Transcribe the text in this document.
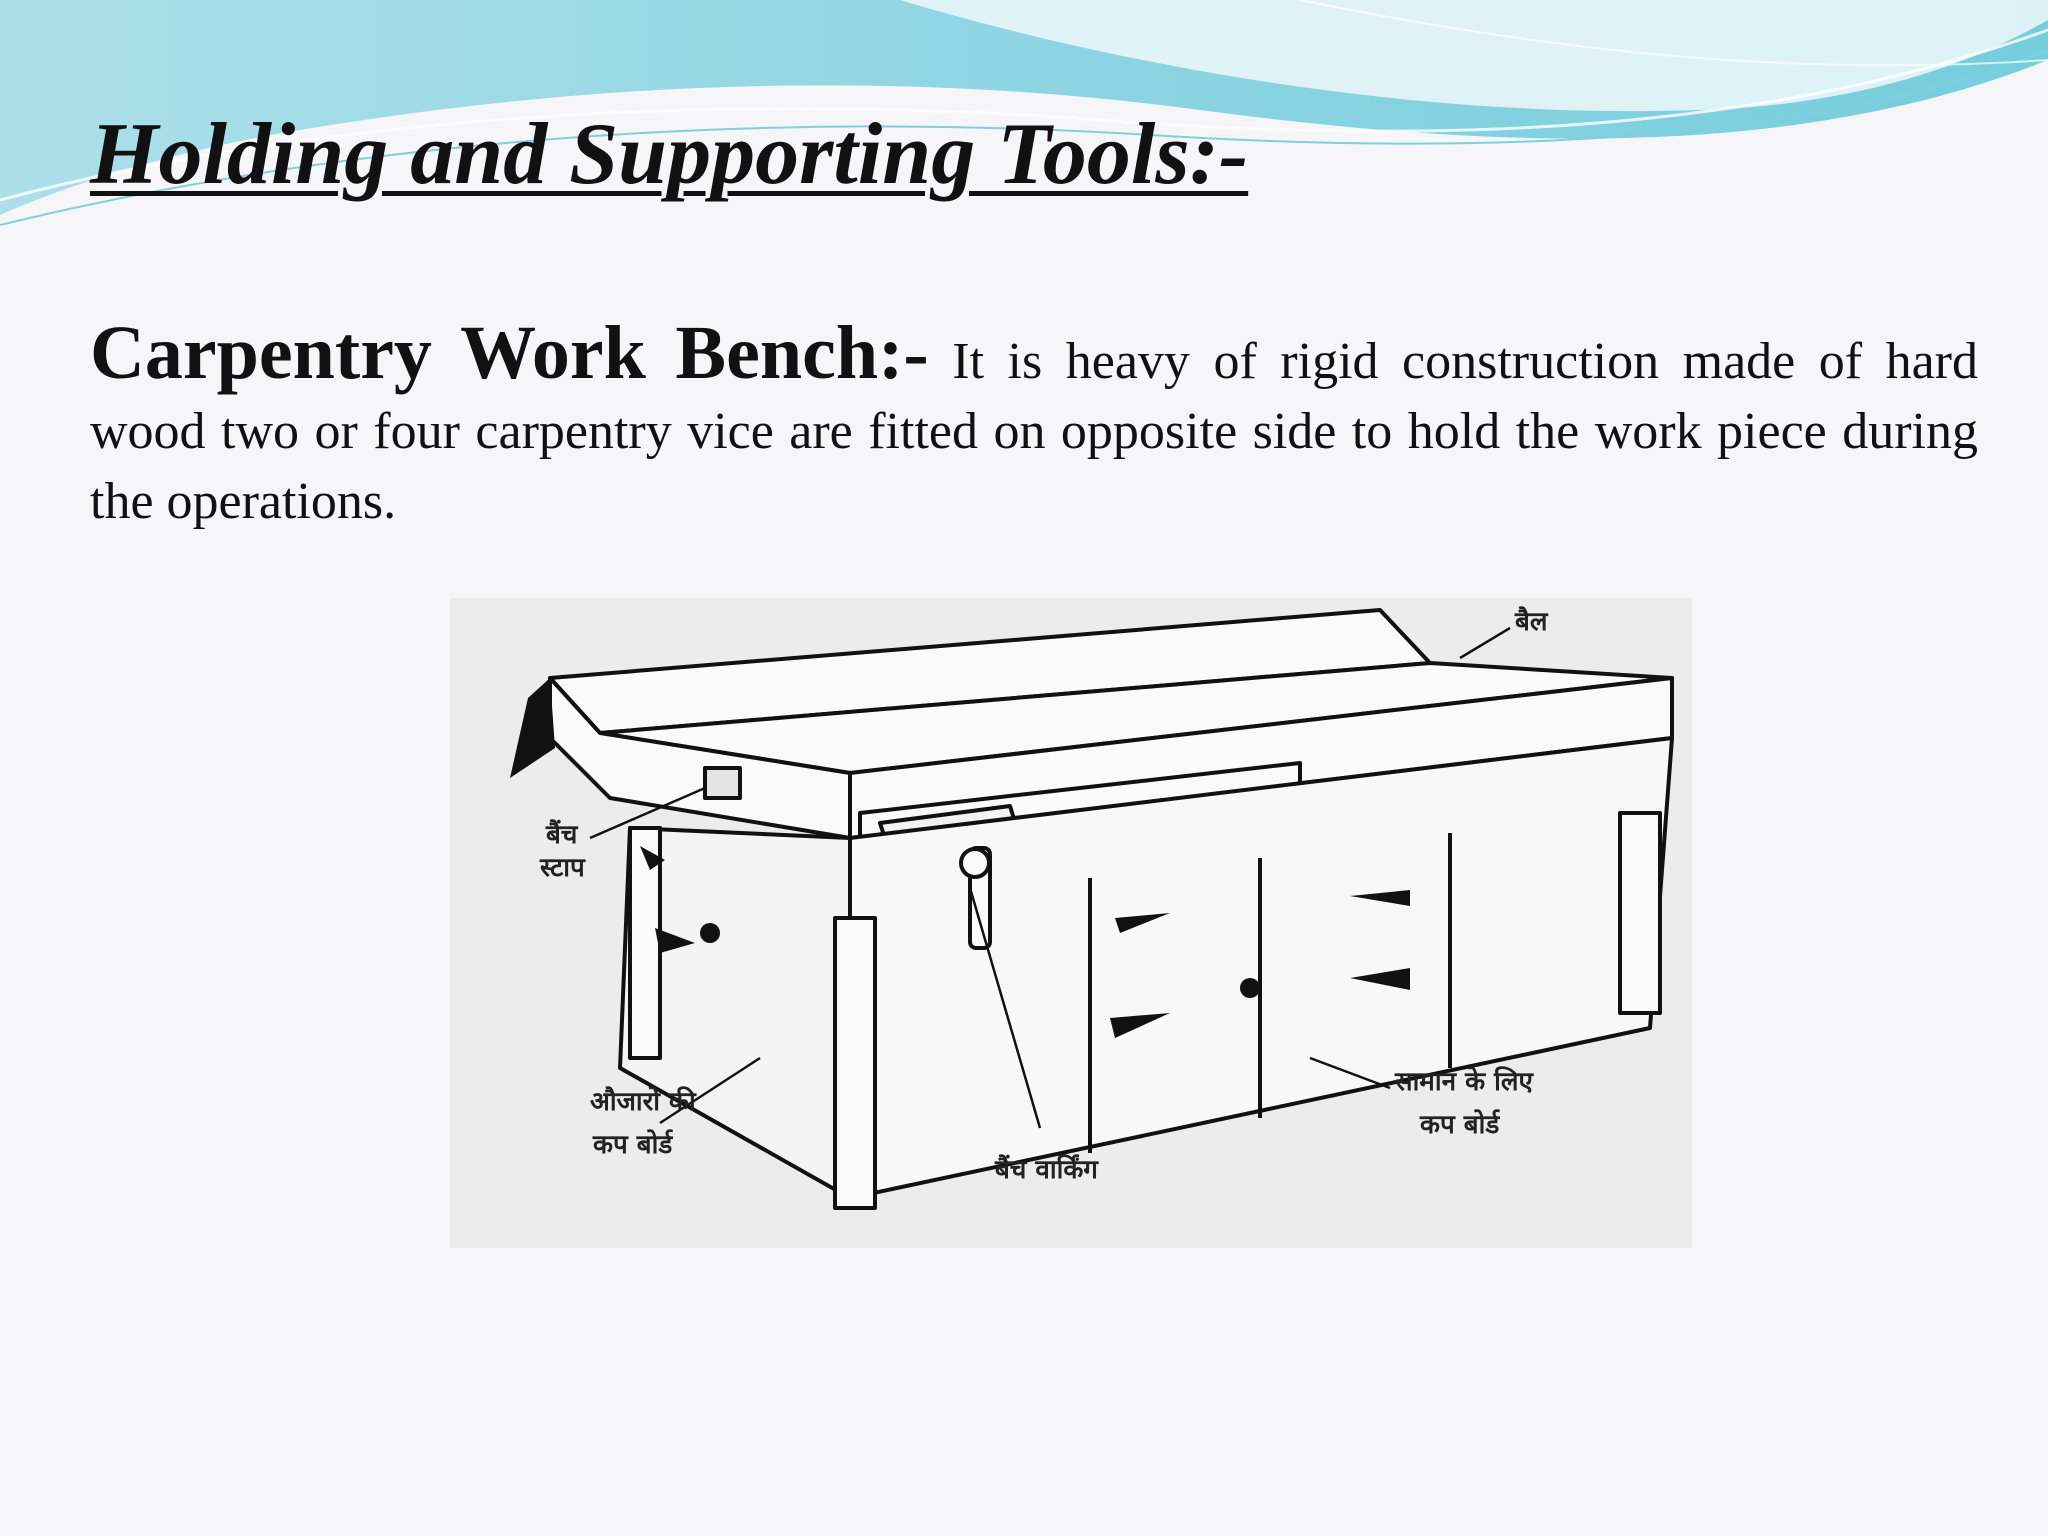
Holding and Supporting Tools:-

Carpentry Work Bench:- It is heavy of rigid construction made of hard wood two or four carpentry vice are fitted on opposite side to hold the work piece during the operations.

बैल
बैंच
स्टाप
औजारो की
कप बोर्ड
बैंच वार्किंग
सामान के लिए
कप बोर्ड
